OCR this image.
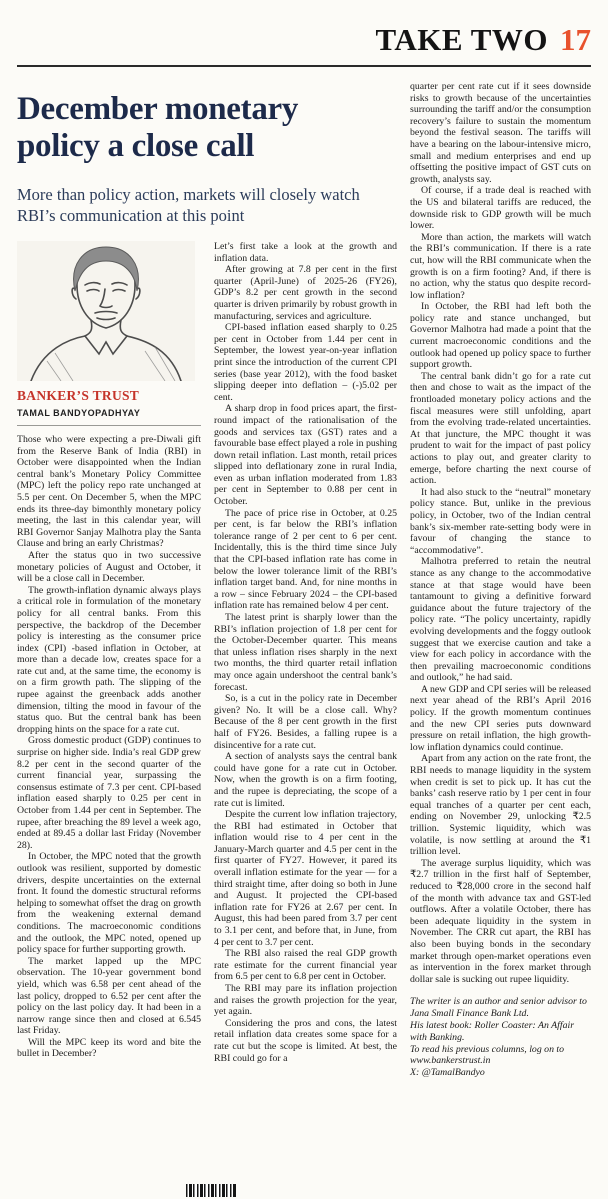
TAKE TWO 17
December monetary policy a close call

More than policy action, markets will closely watch RBI’s communication at this point

BANKER’S TRUST
TAMAL BANDYOPADHYAY

Those who were expecting a pre-Diwali gift from the Reserve Bank of India (RBI) in October were disappointed when the Indian central bank’s Monetary Policy Committee (MPC) left the policy repo rate unchanged at 5.5 per cent. On December 5, when the MPC ends its three-day bimonthly monetary policy meeting, the last in this calendar year, will RBI Governor Sanjay Malhotra play the Santa Clause and bring an early Christmas?

After the status quo in two successive monetary policies of August and October, it will be a close call in December.

The growth-inflation dynamic always plays a critical role in formulation of the monetary policy for all central banks. From this perspective, the backdrop of the December policy is interesting as the consumer price index (CPI) -based inflation in October, at more than a decade low, creates space for a rate cut and, at the same time, the economy is on a firm growth path. The slipping of the rupee against the greenback adds another dimension, tilting the mood in favour of the status quo. But the central bank has been dropping hints on the space for a rate cut.

Gross domestic product (GDP) continues to surprise on higher side. India’s real GDP grew 8.2 per cent in the second quarter of the current financial year, surpassing the consensus estimate of 7.3 per cent. CPI-based inflation eased sharply to 0.25 per cent in October from 1.44 per cent in September. The rupee, after breaching the 89 level a week ago, ended at 89.45 a dollar last Friday (November 28).

In October, the MPC noted that the growth outlook was resilient, supported by domestic drivers, despite uncertainties on the external front. It found the domestic structural reforms helping to somewhat offset the drag on growth from the weakening external demand conditions. The macroeconomic conditions and the outlook, the MPC noted, opened up policy space for further supporting growth.

The market lapped up the MPC observation. The 10-year government bond yield, which was 6.58 per cent ahead of the last policy, dropped to 6.52 per cent after the policy on the last policy day. It had been in a narrow range since then and closed at 6.545 last Friday.

Will the MPC keep its word and bite the bullet in December?

Let’s first take a look at the growth and inflation data.

After growing at 7.8 per cent in the first quarter (April-June) of 2025-26 (FY26), GDP’s 8.2 per cent growth in the second quarter is driven primarily by robust growth in manufacturing, services and agriculture.

CPI-based inflation eased sharply to 0.25 per cent in October from 1.44 per cent in September, the lowest year-on-year inflation print since the introduction of the current CPI series (base year 2012), with the food basket slipping deeper into deflation – (-)5.02 per cent.

A sharp drop in food prices apart, the first-round impact of the rationalisation of the goods and services tax (GST) rates and a favourable base effect played a role in pushing down retail inflation. Last month, retail prices slipped into deflationary zone in rural India, even as urban inflation moderated from 1.83 per cent in September to 0.88 per cent in October.

The pace of price rise in October, at 0.25 per cent, is far below the RBI’s inflation tolerance range of 2 per cent to 6 per cent. Incidentally, this is the third time since July that the CPI-based inflation rate has come in below the lower tolerance limit of the RBI’s inflation target band. And, for nine months in a row – since February 2024 – the CPI-based inflation rate has remained below 4 per cent.

The latest print is sharply lower than the RBI’s inflation projection of 1.8 per cent for the October-December quarter. This means that unless inflation rises sharply in the next two months, the third quarter retail inflation may once again undershoot the central bank’s forecast.

So, is a cut in the policy rate in December given? No. It will be a close call. Why? Because of the 8 per cent growth in the first half of FY26. Besides, a falling rupee is a disincentive for a rate cut.

A section of analysts says the central bank could have gone for a rate cut in October. Now, when the growth is on a firm footing, and the rupee is depreciating, the scope of a rate cut is limited.

Despite the current low inflation trajectory, the RBI had estimated in October that inflation would rise to 4 per cent in the January-March quarter and 4.5 per cent in the first quarter of FY27. However, it pared its overall inflation estimate for the year — for a third straight time, after doing so both in June and August. It projected the CPI-based inflation rate for FY26 at 2.67 per cent. In August, this had been pared from 3.7 per cent to 3.1 per cent, and before that, in June, from 4 per cent to 3.7 per cent.

The RBI also raised the real GDP growth rate estimate for the current financial year from 6.5 per cent to 6.8 per cent in October.

The RBI may pare its inflation projection and raises the growth projection for the year, yet again.

Considering the pros and cons, the latest retail inflation data creates some space for a rate cut but the scope is limited. At best, the RBI could go for a

quarter per cent rate cut if it sees downside risks to growth because of the uncertainties surrounding the tariff and/or the consumption recovery’s failure to sustain the momentum beyond the festival season. The tariffs will have a bearing on the labour-intensive micro, small and medium enterprises and end up offsetting the positive impact of GST cuts on growth, analysts say.

Of course, if a trade deal is reached with the US and bilateral tariffs are reduced, the downside risk to GDP growth will be much lower.

More than action, the markets will watch the RBI’s communication. If there is a rate cut, how will the RBI communicate when the growth is on a firm footing? And, if there is no action, why the status quo despite record-low inflation?

In October, the RBI had left both the policy rate and stance unchanged, but Governor Malhotra had made a point that the current macroeconomic conditions and the outlook had opened up policy space to further support growth.

The central bank didn’t go for a rate cut then and chose to wait as the impact of the frontloaded monetary policy actions and the fiscal measures were still unfolding, apart from the evolving trade-related uncertainties. At that juncture, the MPC thought it was prudent to wait for the impact of past policy actions to play out, and greater clarity to emerge, before charting the next course of action.

It had also stuck to the “neutral” monetary policy stance. But, unlike in the previous policy, in October, two of the Indian central bank’s six-member rate-setting body were in favour of changing the stance to “accommodative”.

Malhotra preferred to retain the neutral stance as any change to the accommodative stance at that stage would have been tantamount to giving a definitive forward guidance about the future trajectory of the policy rate. “The policy uncertainty, rapidly evolving developments and the foggy outlook suggest that we exercise caution and take a view for each policy in accordance with the then prevailing macroeconomic conditions and outlook,” he had said.

A new GDP and CPI series will be released next year ahead of the RBI’s April 2016 policy. If the growth momentum continues and the new CPI series puts downward pressure on retail inflation, the high growth-low inflation dynamics could continue.

Apart from any action on the rate front, the RBI needs to manage liquidity in the system when credit is set to pick up. It has cut the banks’ cash reserve ratio by 1 per cent in four equal tranches of a quarter per cent each, ending on November 29, unlocking ₹2.5 trillion. Systemic liquidity, which was volatile, is now settling at around the ₹1 trillion level.

The average surplus liquidity, which was ₹2.7 trillion in the first half of September, reduced to ₹28,000 crore in the second half of the month with advance tax and GST-led outflows. After a volatile October, there has been adequate liquidity in the system in November. The CRR cut apart, the RBI has also been buying bonds in the secondary market through open-market operations even as intervention in the forex market through dollar sale is sucking out rupee liquidity.

The writer is an author and senior advisor to Jana Small Finance Bank Ltd.

His latest book: Roller Coaster: An Affair with Banking.

To read his previous columns, log on to www.bankerstrust.in

X: @TamalBandyo
